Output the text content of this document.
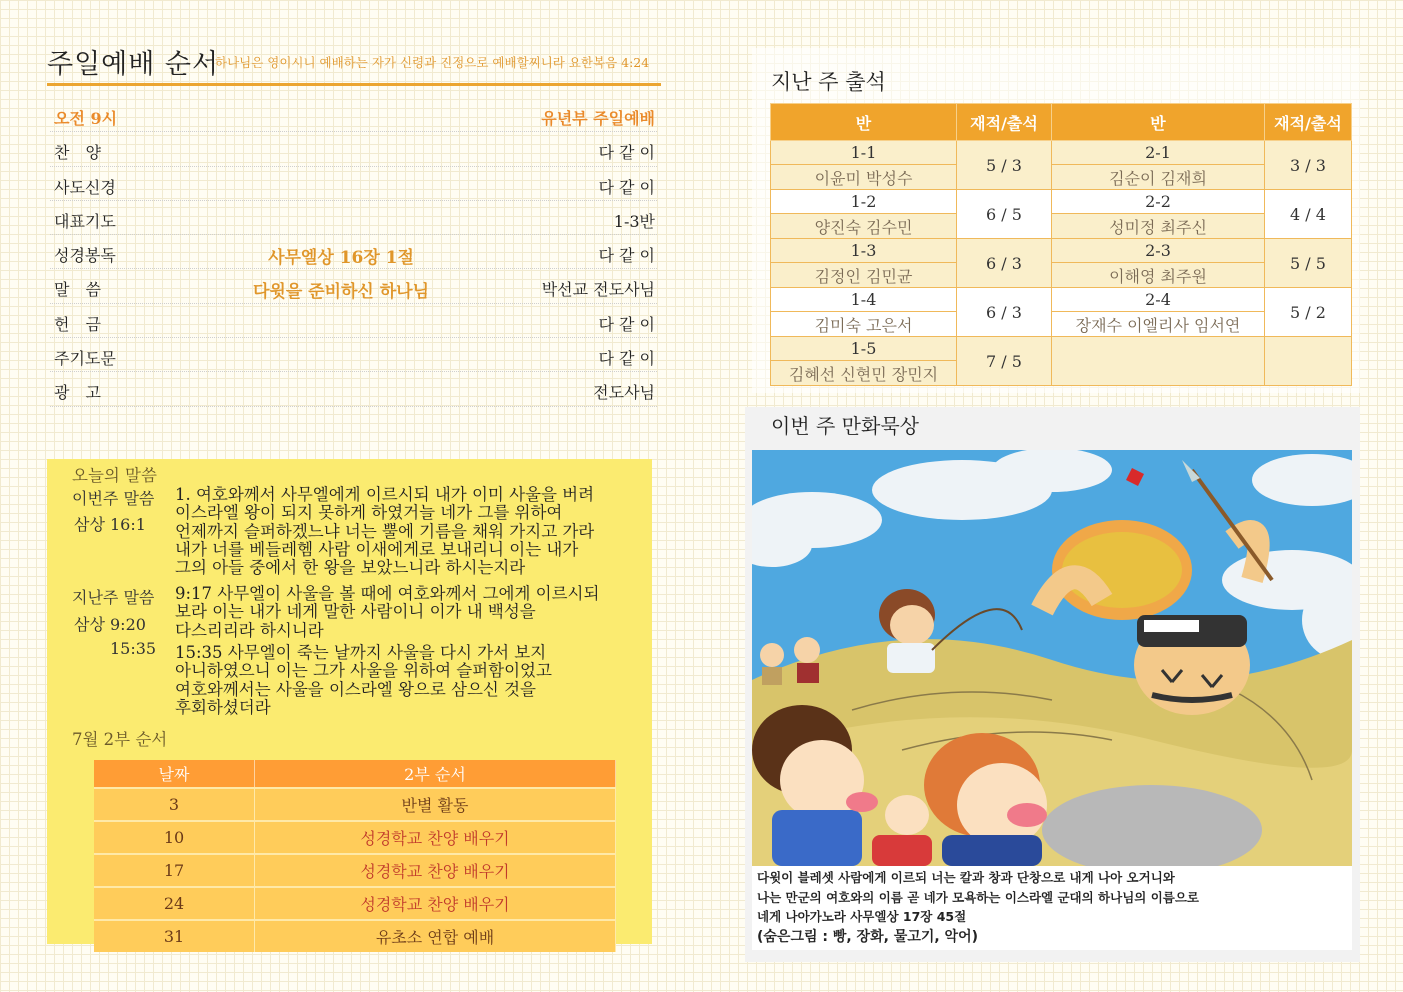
주일예배 순서
하나님은 영이시니 예배하는 자가 신령과 진정으로 예배할찌니라 요한복음 4:24
오전 9시	유년부 주일예배
찬　양	다 같 이
사도신경	다 같 이
대표기도	1-3반
성경봉독	사무엘상 16장 1절	다 같 이
말　씀	다윗을 준비하신 하나님	박선교 전도사님
헌　금	다 같 이
주기도문	다 같 이
광　고	전도사님
오늘의 말씀
이번주 말씀
삼상 16:1
1. 여호와께서 사무엘에게 이르시되 내가 이미 사울을 버려
이스라엘 왕이 되지 못하게 하였거늘 네가 그를 위하여
언제까지 슬퍼하겠느냐 너는 뿔에 기름을 채워 가지고 가라
내가 너를 베들레헴 사람 이새에게로 보내리니 이는 내가
그의 아들 중에서 한 왕을 보았느니라 하시는지라
지난주 말씀
삼상 9:20
15:35
9:17 사무엘이 사울을 볼 때에 여호와께서 그에게 이르시되
보라 이는 내가 네게 말한 사람이니 이가 내 백성을
다스리리라 하시니라
15:35 사무엘이 죽는 날까지 사울을 다시 가서 보지
아니하였으니 이는 그가 사울을 위하여 슬퍼함이었고
여호와께서는 사울을 이스라엘 왕으로 삼으신 것을
후회하셨더라
7월 2부 순서
날짜	2부 순서
3	반별 활동
10	성경학교 찬양 배우기
17	성경학교 찬양 배우기
24	성경학교 찬양 배우기
31	유초소 연합 예배
지난 주 출석
반	재적/출석	반	재적/출석
1-1	5 / 3	2-1	3 / 3
이윤미 박성수		김순이 김재희	
1-2	6 / 5	2-2	4 / 4
양진숙 김수민		성미정 최주신	
1-3	6 / 3	2-3	5 / 5
김정인 김민균		이해영 최주원	
1-4	6 / 3	2-4	5 / 2
김미숙 고은서		장재수 이엘리사 임서연	
1-5	7 / 5		
김혜선 신현민 장민지			
이번 주 만화묵상
다윗이 블레셋 사람에게 이르되 너는 칼과 창과 단창으로 내게 나아 오거니와
나는 만군의 여호와의 이름 곧 네가 모욕하는 이스라엘 군대의 하나님의 이름으로
네게 나아가노라 사무엘상 17장 45절
(숨은그림 : 빵, 장화, 물고기, 악어)
